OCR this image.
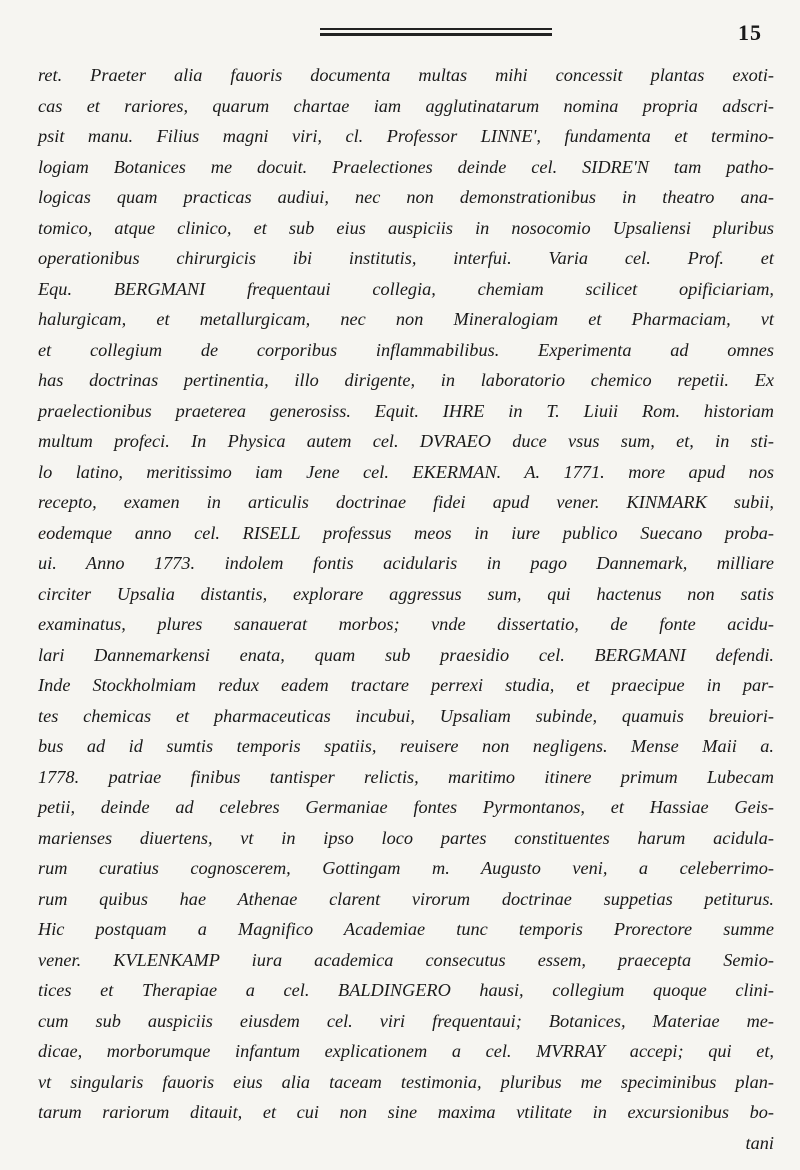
15
ret. Praeter alia fauoris documenta multas mihi concessit plantas exoti-
cas et rariores, quarum chartae iam agglutinatarum nomina propria adscri-
psit manu. Filius magni viri, cl. Professor LINNE', fundamenta et termino-
logiam Botanices me docuit. Praelectiones deinde cel. SIDRE'N tam patho-
logicas quam practicas audiui, nec non demonstrationibus in theatro ana-
tomico, atque clinico, et sub eius auspiciis in nosocomio Upsaliensi pluribus
operationibus chirurgicis ibi institutis, interfui. Varia cel. Prof. et
Equ. BERGMANI frequentaui collegia, chemiam scilicet opificiariam,
halurgicam, et metallurgicam, nec non Mineralogiam et Pharmaciam, vt
et collegium de corporibus inflammabilibus. Experimenta ad omnes
has doctrinas pertinentia, illo dirigente, in laboratorio chemico repetii. Ex
praelectionibus praeterea generosiss. Equit. IHRE in T. Liuii Rom. historiam
multum profeci. In Physica autem cel. DVRAEO duce vsus sum, et, in sti-
lo latino, meritissimo iam Jene cel. EKERMAN. A. 1771. more apud nos
recepto, examen in articulis doctrinae fidei apud vener. KINMARK subii,
eodemque anno cel. RISELL professus meos in iure publico Suecano proba-
ui. Anno 1773. indolem fontis acidularis in pago Dannemark, milliare
circiter Upsalia distantis, explorare aggressus sum, qui hactenus non satis
examinatus, plures sanauerat morbos; vnde dissertatio, de fonte acidu-
lari Dannemarkensi enata, quam sub praesidio cel. BERGMANI defendi.
Inde Stockholmiam redux eadem tractare perrexi studia, et praecipue in par-
tes chemicas et pharmaceuticas incubui, Upsaliam subinde, quamuis breuiori-
bus ad id sumtis temporis spatiis, reuisere non negligens. Mense Maii a.
1778. patriae finibus tantisper relictis, maritimo itinere primum Lubecam
petii, deinde ad celebres Germaniae fontes Pyrmontanos, et Hassiae Geis-
marienses diuertens, vt in ipso loco partes constituentes harum acidula-
rum curatius cognoscerem, Gottingam m. Augusto veni, a celeberrimo-
rum quibus hae Athenae clarent virorum doctrinae suppetias petiturus.
Hic postquam a Magnifico Academiae tunc temporis Prorectore summe
vener. KVLENKAMP iura academica consecutus essem, praecepta Semio-
tices et Therapiae a cel. BALDINGERO hausi, collegium quoque clini-
cum sub auspiciis eiusdem cel. viri frequentaui; Botanices, Materiae me-
dicae, morborumque infantum explicationem a cel. MVRRAY accepi; qui et,
vt singularis fauoris eius alia taceam testimonia, pluribus me speciminibus plan-
tarum rariorum ditauit, et cui non sine maxima vtilitate in excursionibus bo-
tani
